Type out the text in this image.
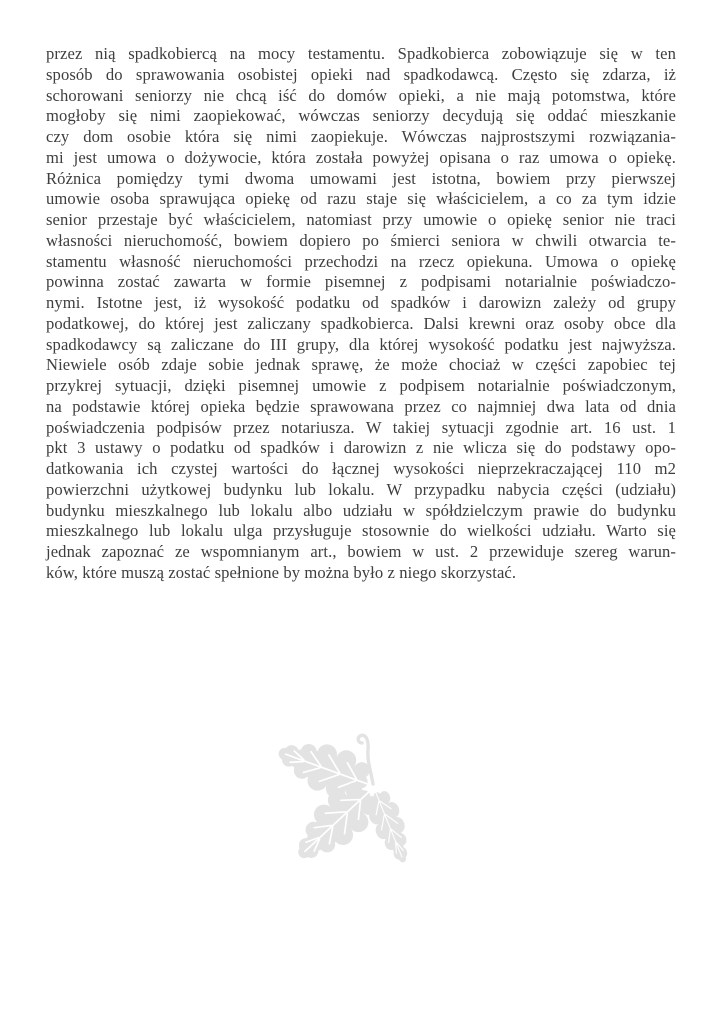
przez nią spadkobiercą na mocy testamentu. Spadkobierca zobowiązuje się w ten
sposób do sprawowania osobistej opieki nad spadkodawcą. Często się zdarza, iż
schorowani seniorzy nie chcą iść do domów opieki, a nie mają potomstwa, które
mogłoby się nimi zaopiekować, wówczas seniorzy decydują się oddać mieszkanie
czy dom osobie która się nimi zaopiekuje. Wówczas najprostszymi rozwiązania-
mi jest umowa o dożywocie, która została powyżej opisana o raz umowa o opiekę.
Różnica pomiędzy tymi dwoma umowami jest istotna, bowiem przy pierwszej
umowie osoba sprawująca opiekę od razu staje się właścicielem, a co za tym idzie
senior przestaje być właścicielem, natomiast przy umowie o opiekę senior nie traci
własności nieruchomość, bowiem dopiero po śmierci seniora w chwili otwarcia te-
stamentu własność nieruchomości przechodzi na rzecz opiekuna. Umowa o opiekę
powinna zostać zawarta w formie pisemnej z podpisami notarialnie poświadczo-
nymi. Istotne jest, iż wysokość podatku od spadków i darowizn zależy od grupy
podatkowej, do której jest zaliczany spadkobierca. Dalsi krewni oraz osoby obce dla
spadkodawcy są zaliczane do III grupy, dla której wysokość podatku jest najwyższa.
Niewiele osób zdaje sobie jednak sprawę, że może chociaż w części zapobiec tej
przykrej sytuacji, dzięki pisemnej umowie z podpisem notarialnie poświadczonym,
na podstawie której opieka będzie sprawowana przez co najmniej dwa lata od dnia
poświadczenia podpisów przez notariusza. W takiej sytuacji zgodnie art. 16 ust. 1
pkt 3 ustawy o podatku od spadków i darowizn z nie wlicza się do podstawy opo-
datkowania ich czystej wartości do łącznej wysokości nieprzekraczającej 110 m2
powierzchni użytkowej budynku lub lokalu. W przypadku nabycia części (udziału)
budynku mieszkalnego lub lokalu albo udziału w spółdzielczym prawie do budynku
mieszkalnego lub lokalu ulga przysługuje stosownie do wielkości udziału. Warto się
jednak zapoznać ze wspomnianym art., bowiem w ust. 2 przewiduje szereg warun-
ków, które muszą zostać spełnione by można było z niego skorzystać.
